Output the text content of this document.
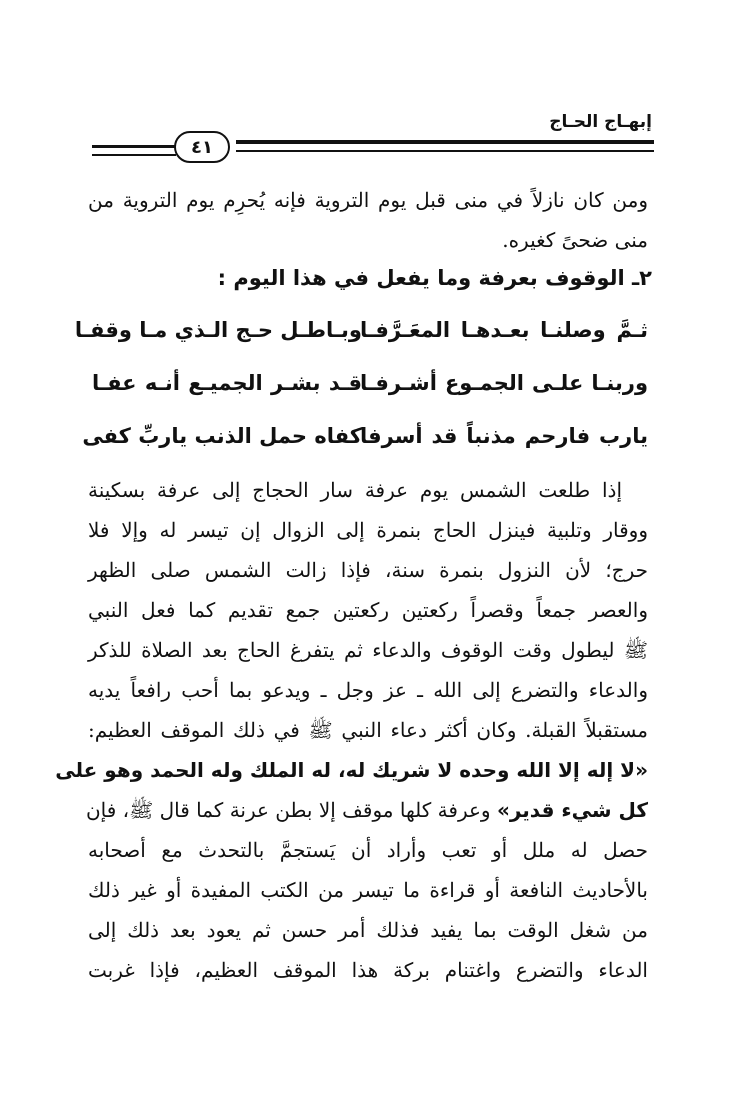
إبهـاج الحـاج
٤١
ومن كان نازلاً في منى قبل يوم التروية فإنه يُحرِم يوم التروية من
منى ضحىً كغيره.
٢ـ الوقوف بعرفة وما يفعل في هذا اليوم :
ثـمَّ وصلنـا بعـدهـا المعَـرَّفـا
وبـاطـل حـج الـذي مـا وقفـا
وربنـا علـى الجمـوع أشـرفـا
قـد بشـر الجميـع أنـه عفـا
يارب فارحم مذنباً قد أسرفا
كفاه حمل الذنب ياربِّ كفى
إذا طلعت الشمس يوم عرفة سار الحجاج إلى عرفة بسكينة
ووقار وتلبية فينزل الحاج بنمرة إلى الزوال إن تيسر له وإلا فلا
حرج؛ لأن النزول بنمرة سنة، فإذا زالت الشمس صلى الظهر
والعصر جمعاً وقصراً ركعتين ركعتين جمع تقديم كما فعل النبي
ﷺ ليطول وقت الوقوف والدعاء ثم يتفرغ الحاج بعد الصلاة للذكر
والدعاء والتضرع إلى الله ـ عز وجل ـ ويدعو بما أحب رافعاً يديه
مستقبلاً القبلة. وكان أكثر دعاء النبي ﷺ في ذلك الموقف العظيم:
«لا إله إلا الله وحده لا شريك له، له الملك وله الحمد وهو على
كل شيء قدير» وعرفة كلها موقف إلا بطن عرنة كما قال ﷺ، فإن
حصل له ملل أو تعب وأراد أن يَستجمَّ بالتحدث مع أصحابه
بالأحاديث النافعة أو قراءة ما تيسر من الكتب المفيدة أو غير ذلك
من شغل الوقت بما يفيد فذلك أمر حسن ثم يعود بعد ذلك إلى
الدعاء والتضرع واغتنام بركة هذا الموقف العظيم، فإذا غربت
